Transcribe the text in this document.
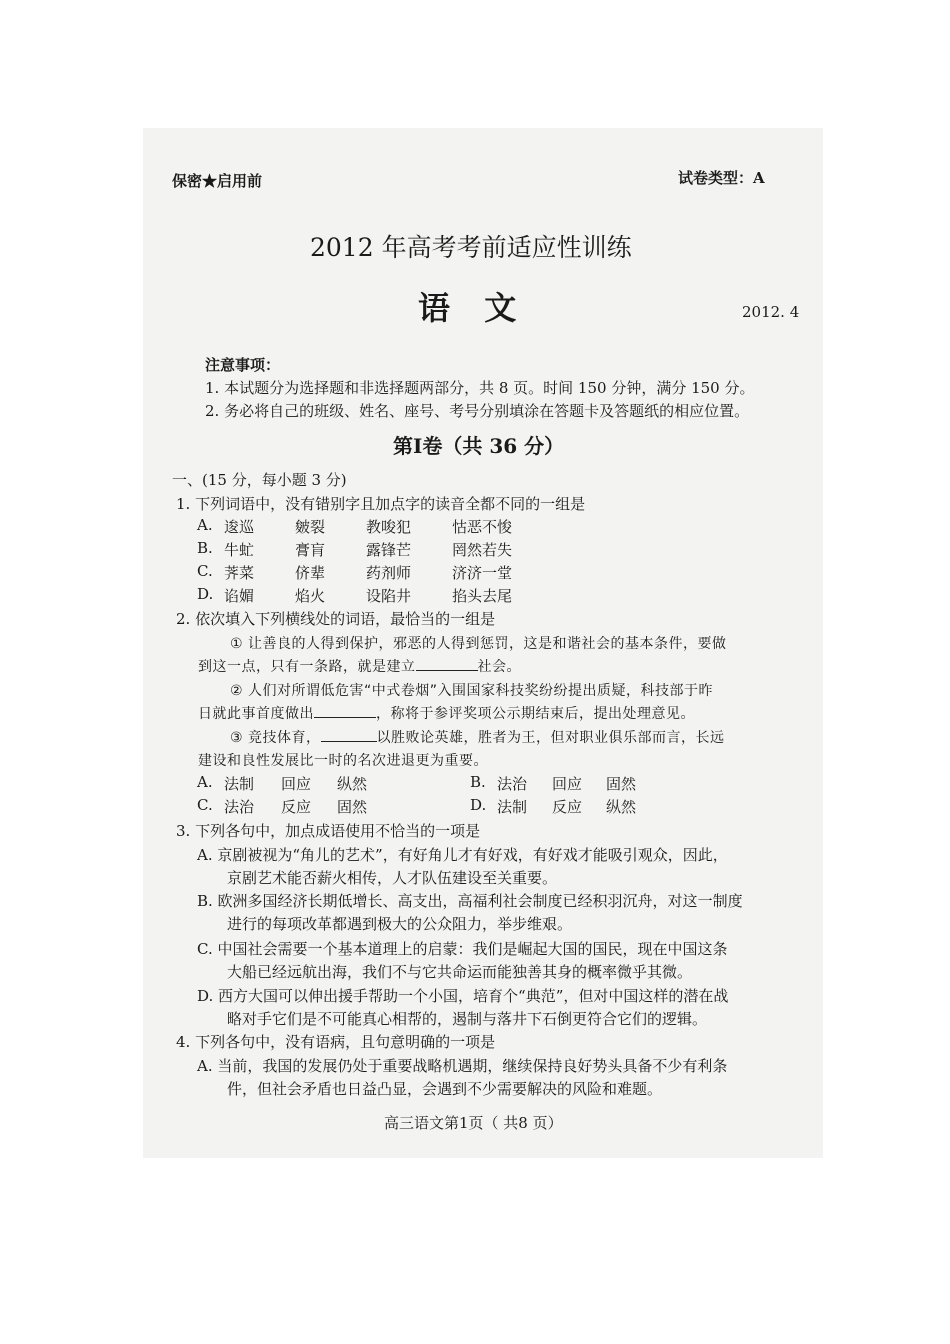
保密★启用前	试卷类型：A
2012 年高考考前适应性训练
语  文	2012. 4
注意事项：
1. 本试题分为选择题和非选择题两部分，共 8 页。时间 150 分钟，满分 150 分。
2. 务必将自己的班级、姓名、座号、考号分别填涂在答题卡及答题纸的相应位置。
第Ⅰ卷（共 36 分）
一、(15 分，每小题 3 分)
1. 下列词语中，没有错别字且加点字的读音全都不同的一组是
A. 逡巡	皴裂	教唆犯	怙恶不悛
B. 牛虻	膏肓	露锋芒	罔然若失
C. 荠菜	侪辈	药剂师	济济一堂
D. 谄媚	焰火	设陷井	掐头去尾
2. 依次填入下列横线处的词语，最恰当的一组是
① 让善良的人得到保护，邪恶的人得到惩罚，这是和谐社会的基本条件，要做
到这一点，只有一条路，就是建立	社会。
② 人们对所谓低危害“中式卷烟”入围国家科技奖纷纷提出质疑，科技部于昨
日就此事首度做出	，称将于参评奖项公示期结束后，提出处理意见。
③ 竞技体育，	以胜败论英雄，胜者为王，但对职业俱乐部而言，长远
建设和良性发展比一时的名次进退更为重要。
A. 法制 回应 纵然	B. 法治 回应 固然
C. 法治 反应 固然	D. 法制 反应 纵然
3. 下列各句中，加点成语使用不恰当的一项是
A. 京剧被视为“角儿的艺术”，有好角儿才有好戏，有好戏才能吸引观众，因此，
京剧艺术能否薪火相传，人才队伍建设至关重要。
B. 欧洲多国经济长期低增长、高支出，高福利社会制度已经积羽沉舟，对这一制度
进行的每项改革都遇到极大的公众阻力，举步维艰。
C. 中国社会需要一个基本道理上的启蒙：我们是崛起大国的国民，现在中国这条
大船已经远航出海，我们不与它共命运而能独善其身的概率微乎其微。
D. 西方大国可以伸出援手帮助一个小国，培育个“典范”，但对中国这样的潜在战
略对手它们是不可能真心相帮的，遏制与落井下石倒更符合它们的逻辑。
4. 下列各句中，没有语病，且句意明确的一项是
A. 当前，我国的发展仍处于重要战略机遇期，继续保持良好势头具备不少有利条
件，但社会矛盾也日益凸显，会遇到不少需要解决的风险和难题。
高三语文第1页（ 共8 页）
